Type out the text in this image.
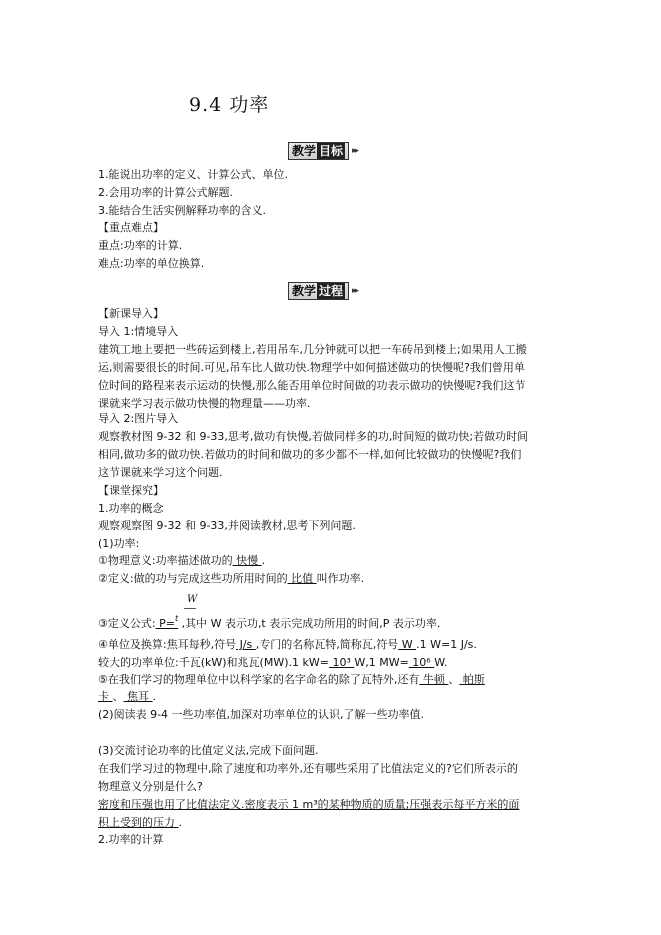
9.4 功率
教学 目标 ▸▸
1.能说出功率的定义、计算公式、单位.
2.会用功率的计算公式解题.
3.能结合生活实例解释功率的含义.
【重点难点】
重点:功率的计算.
难点:功率的单位换算.
教学 过程 ▸▸
【新课导入】
导入 1:情境导入
建筑工地上要把一些砖运到楼上,若用吊车,几分钟就可以把一车砖吊到楼上;如果用人工搬
运,则需要很长的时间.可见,吊车比人做功快.物理学中如何描述做功的快慢呢?我们曾用单
位时间的路程来表示运动的快慢,那么能否用单位时间做的功表示做功的快慢呢?我们这节
课就来学习表示做功快慢的物理量——功率.
导入 2:图片导入
观察教材图 9-32 和 9-33,思考,做功有快慢,若做同样多的功,时间短的做功快;若做功时间
相同,做功多的做功快.若做功的时间和做功的多少都不一样,如何比较做功的快慢呢?我们
这节课就来学习这个问题.
【课堂探究】
1.功率的概念
观察观察图 9-32 和 9-33,并阅读教材,思考下列问题.
(1)功率:
①物理意义:功率描述做功的 快慢 .
②定义:做的功与完成这些功所用时间的 比值 叫作功率.
W
③定义公式: P=$^t$ ,其中 W 表示功,t 表示完成功所用的时间,P 表示功率.
④单位及换算:焦耳每秒,符号 J/s ,专门的名称瓦特,简称瓦,符号 W .1 W=1 J/s.
较大的功率单位:千瓦(kW)和兆瓦(MW).1 kW= 10³ W,1 MW= 10⁶ W.
⑤在我们学习的物理单位中以科学家的名字命名的除了瓦特外,还有 牛顿 、 帕斯
卡 、 焦耳 .
(2)阅读表 9-4 一些功率值,加深对功率单位的认识,了解一些功率值.
(3)交流讨论功率的比值定义法,完成下面问题.
在我们学习过的物理中,除了速度和功率外,还有哪些采用了比值法定义的?它们所表示的
物理意义分别是什么?
密度和压强也用了比值法定义.密度表示 1 m³的某种物质的质量;压强表示每平方米的面
积上受到的压力 .
2.功率的计算
